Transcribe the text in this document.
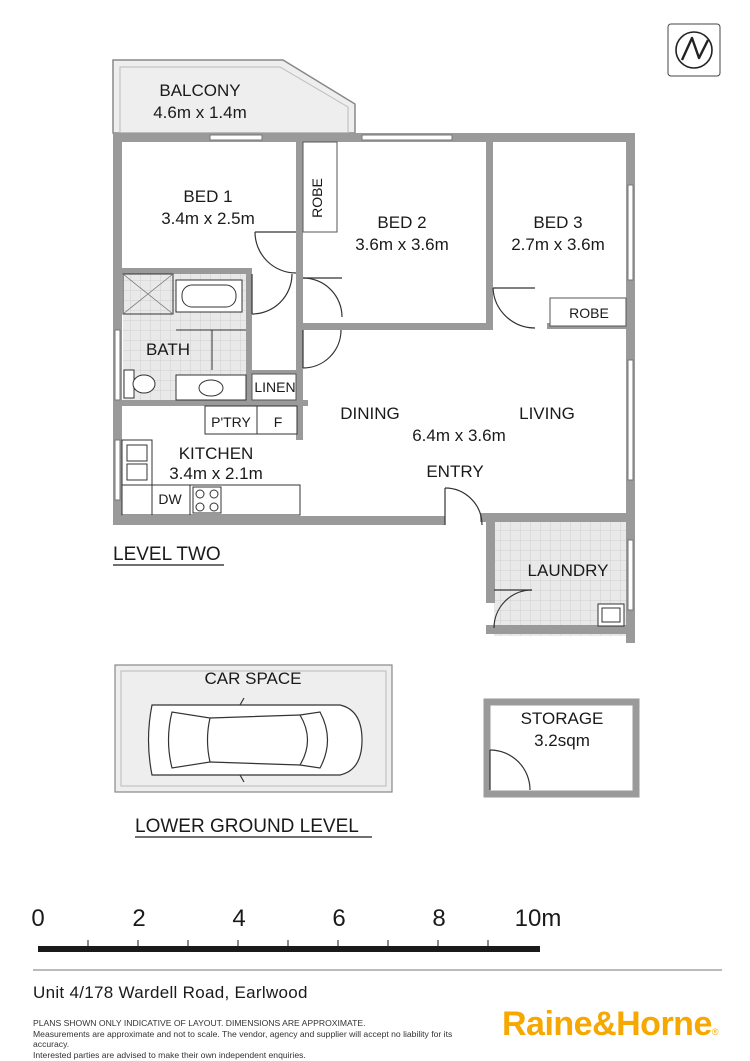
ROBE
ROBE
BALCONY
4.6m x 1.4m
BED 1
3.4m x 2.5m	BED 2
3.6m x 3.6m
BED 3
2.7m x 3.6m
BATH
LINEN
P'TRY F
KITCHEN
3.4m x 2.1m
DW
DINING	LIVING
6.4m x 3.6m
ENTRY
LAUNDRY
LEVEL TWO
CAR SPACE
STORAGE
3.2sqm
LOWER GROUND LEVEL
0	2	4	6	8	10m
Unit 4/178 Wardell Road, Earlwood
PLANS SHOWN ONLY INDICATIVE OF LAYOUT. DIMENSIONS ARE APPROXIMATE.
Measurements are approximate and not to scale. The vendor, agency and supplier will accept no liability for its accuracy.
Interested parties are advised to make their own independent enquiries.
Raine&Horne®
